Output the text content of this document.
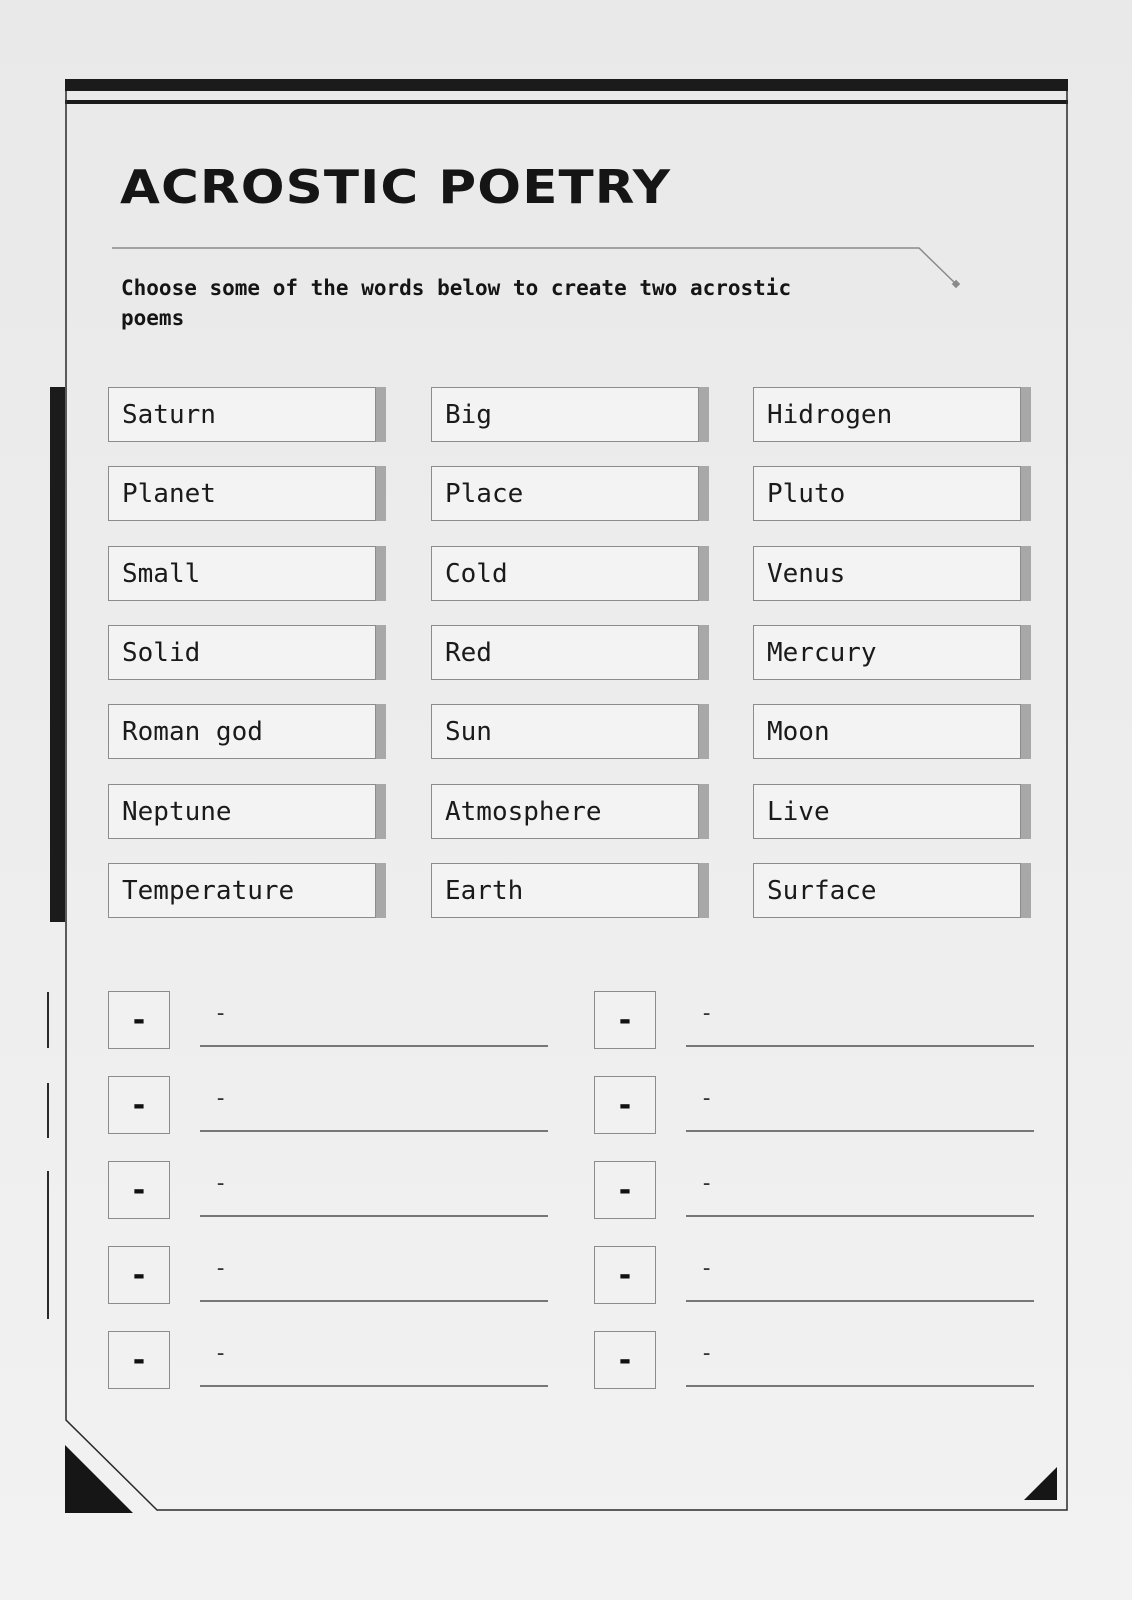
ACROSTIC POETRY

Choose some of the words below to create two acrostic poems

Saturn	Big	Hidrogen
Planet	Place	Pluto
Small	Cold	Venus
Solid	Red	Mercury
Roman god	Sun	Moon
Neptune	Atmosphere	Live
Temperature	Earth	Surface
-	-
-	-
-	-
-	-
-	-
-	-
-	-
-	-
-	-
-	-
